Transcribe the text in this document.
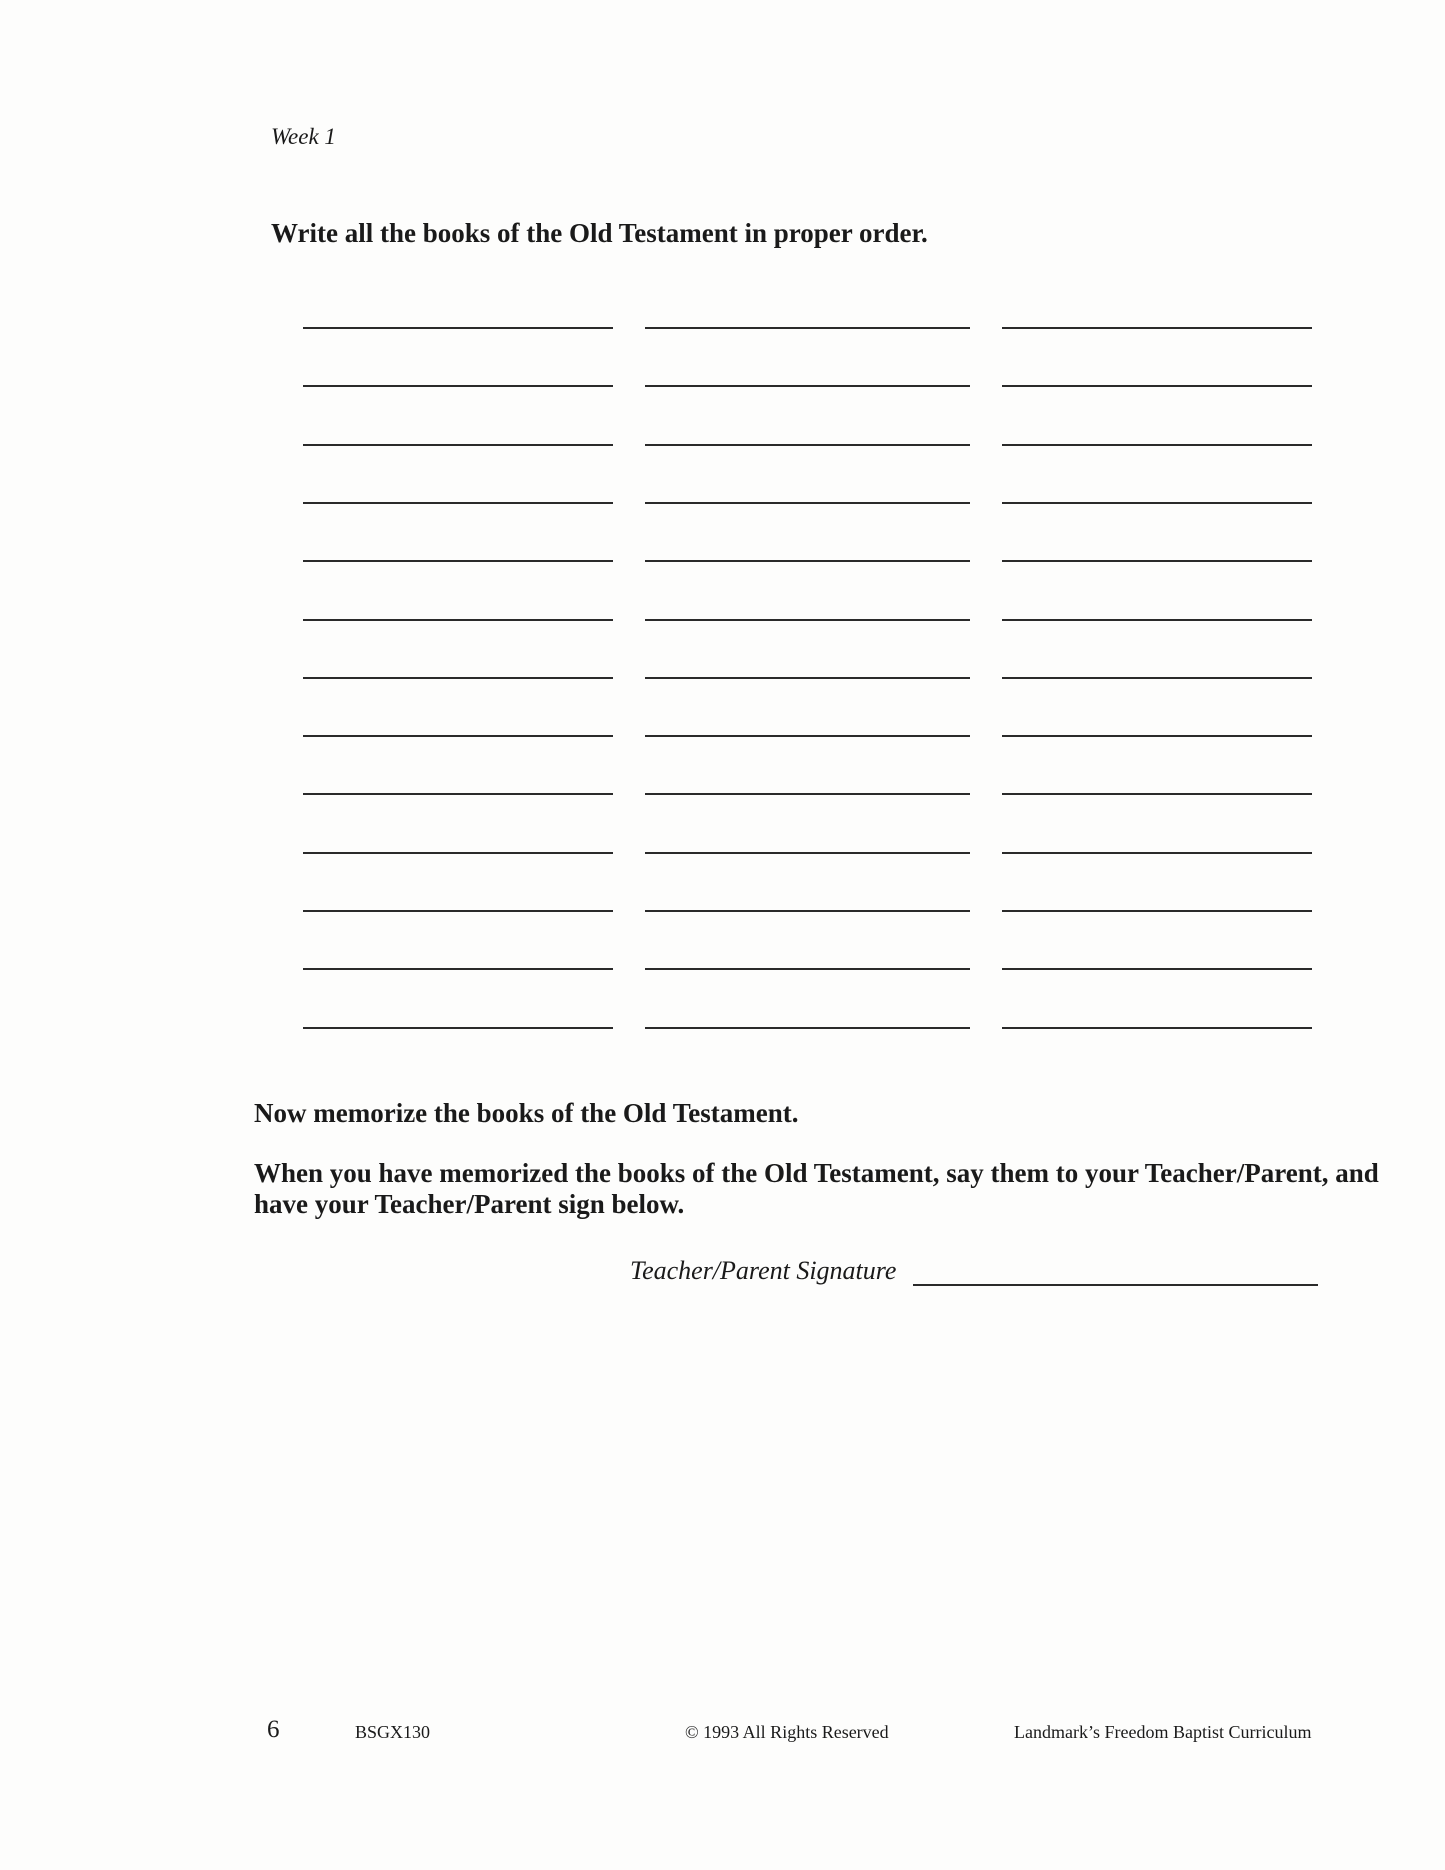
Week 1
Write all the books of the Old Testament in proper order.
Now memorize the books of the Old Testament.
When you have memorized the books of the Old Testament, say them to your Teacher/Parent, and have your Teacher/Parent sign below.
Teacher/Parent Signature
6	BSGX130	© 1993 All Rights Reserved	Landmark’s Freedom Baptist Curriculum
